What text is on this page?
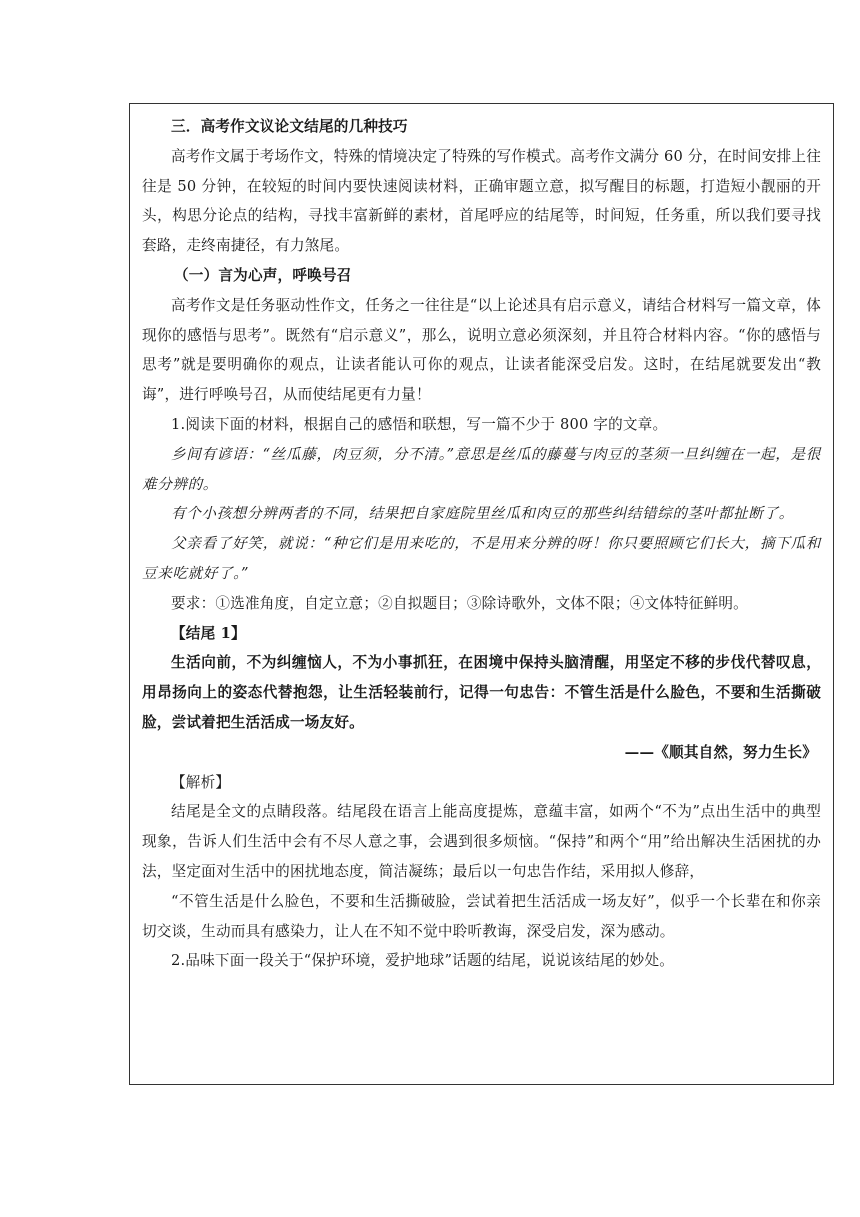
三．高考作文议论文结尾的几种技巧

高考作文属于考场作文，特殊的情境决定了特殊的写作模式。高考作文满分 60 分，在时间安排上往往是 50 分钟，在较短的时间内要快速阅读材料，正确审题立意，拟写醒目的标题，打造短小靓丽的开头，构思分论点的结构，寻找丰富新鲜的素材，首尾呼应的结尾等，时间短，任务重，所以我们要寻找套路，走终南捷径，有力煞尾。

（一）言为心声，呼唤号召

高考作文是任务驱动性作文，任务之一往往是“以上论述具有启示意义，请结合材料写一篇文章，体现你的感悟与思考”。既然有“启示意义”，那么，说明立意必须深刻，并且符合材料内容。“你的感悟与思考”就是要明确你的观点，让读者能认可你的观点，让读者能深受启发。这时，在结尾就要发出“教诲”，进行呼唤号召，从而使结尾更有力量！

1.阅读下面的材料，根据自己的感悟和联想，写一篇不少于 800 字的文章。

乡间有谚语：“丝瓜藤，肉豆须，分不清。”意思是丝瓜的藤蔓与肉豆的茎须一旦纠缠在一起，是很难分辨的。

有个小孩想分辨两者的不同，结果把自家庭院里丝瓜和肉豆的那些纠结错综的茎叶都扯断了。

父亲看了好笑，就说：“种它们是用来吃的，不是用来分辨的呀！你只要照顾它们长大，摘下瓜和豆来吃就好了。”

要求：①选准角度，自定立意；②自拟题目；③除诗歌外，文体不限；④文体特征鲜明。

【结尾 1】

生活向前，不为纠缠恼人，不为小事抓狂，在困境中保持头脑清醒，用坚定不移的步伐代替叹息，用昂扬向上的姿态代替抱怨，让生活轻装前行，记得一句忠告：不管生活是什么脸色，不要和生活撕破脸，尝试着把生活活成一场友好。

——《顺其自然，努力生长》

【解析】

结尾是全文的点睛段落。结尾段在语言上能高度提炼，意蕴丰富，如两个“不为”点出生活中的典型现象，告诉人们生活中会有不尽人意之事，会遇到很多烦恼。“保持”和两个“用”给出解决生活困扰的办法，坚定面对生活中的困扰地态度，简洁凝练；最后以一句忠告作结，采用拟人修辞，

“不管生活是什么脸色，不要和生活撕破脸，尝试着把生活活成一场友好”，似乎一个长辈在和你亲切交谈，生动而具有感染力，让人在不知不觉中聆听教诲，深受启发，深为感动。

2.品味下面一段关于“保护环境，爱护地球”话题的结尾，说说该结尾的妙处。
